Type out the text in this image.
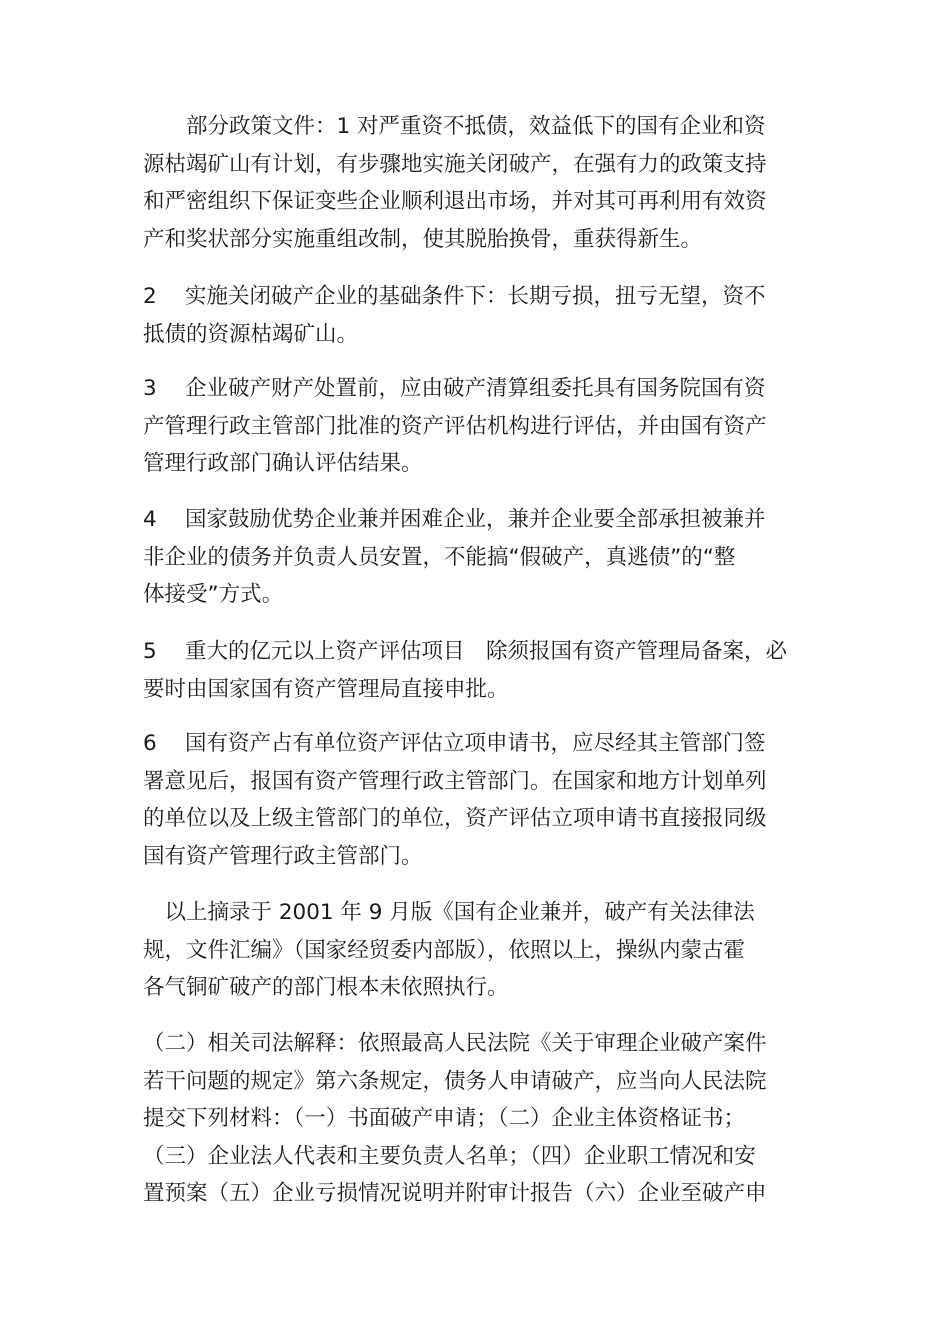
　　部分政策文件：1 对严重资不抵债，效益低下的国有企业和资
源枯竭矿山有计划，有步骤地实施关闭破产，在强有力的政策支持
和严密组织下保证变些企业顺利退出市场，并对其可再利用有效资
产和奖状部分实施重组改制，使其脱胎换骨，重获得新生。
2　 实施关闭破产企业的基础条件下：长期亏损，扭亏无望，资不
抵债的资源枯竭矿山。
3　 企业破产财产处置前，应由破产清算组委托具有国务院国有资
产管理行政主管部门批准的资产评估机构进行评估，并由国有资产
管理行政部门确认评估结果。
4　 国家鼓励优势企业兼并困难企业，兼并企业要全部承担被兼并
非企业的债务并负责人员安置，不能搞“假破产，真逃债”的“整
体接受”方式。
5　 重大的亿元以上资产评估项目　除须报国有资产管理局备案，必
要时由国家国有资产管理局直接申批。
6　 国有资产占有单位资产评估立项申请书，应尽经其主管部门签
署意见后，报国有资产管理行政主管部门。在国家和地方计划单列
的单位以及上级主管部门的单位，资产评估立项申请书直接报同级
国有资产管理行政主管部门。
　以上摘录于 2001 年 9 月版《国有企业兼并，破产有关法律法
规，文件汇编》（国家经贸委内部版），依照以上，操纵内蒙古霍
各气铜矿破产的部门根本未依照执行。
（二）相关司法解释：依照最高人民法院《关于审理企业破产案件
若干问题的规定》第六条规定，债务人申请破产，应当向人民法院
提交下列材料：（一）书面破产申请；（二）企业主体资格证书；
（三）企业法人代表和主要负责人名单；（四）企业职工情况和安
置预案（五）企业亏损情况说明并附审计报告（六）企业至破产申
